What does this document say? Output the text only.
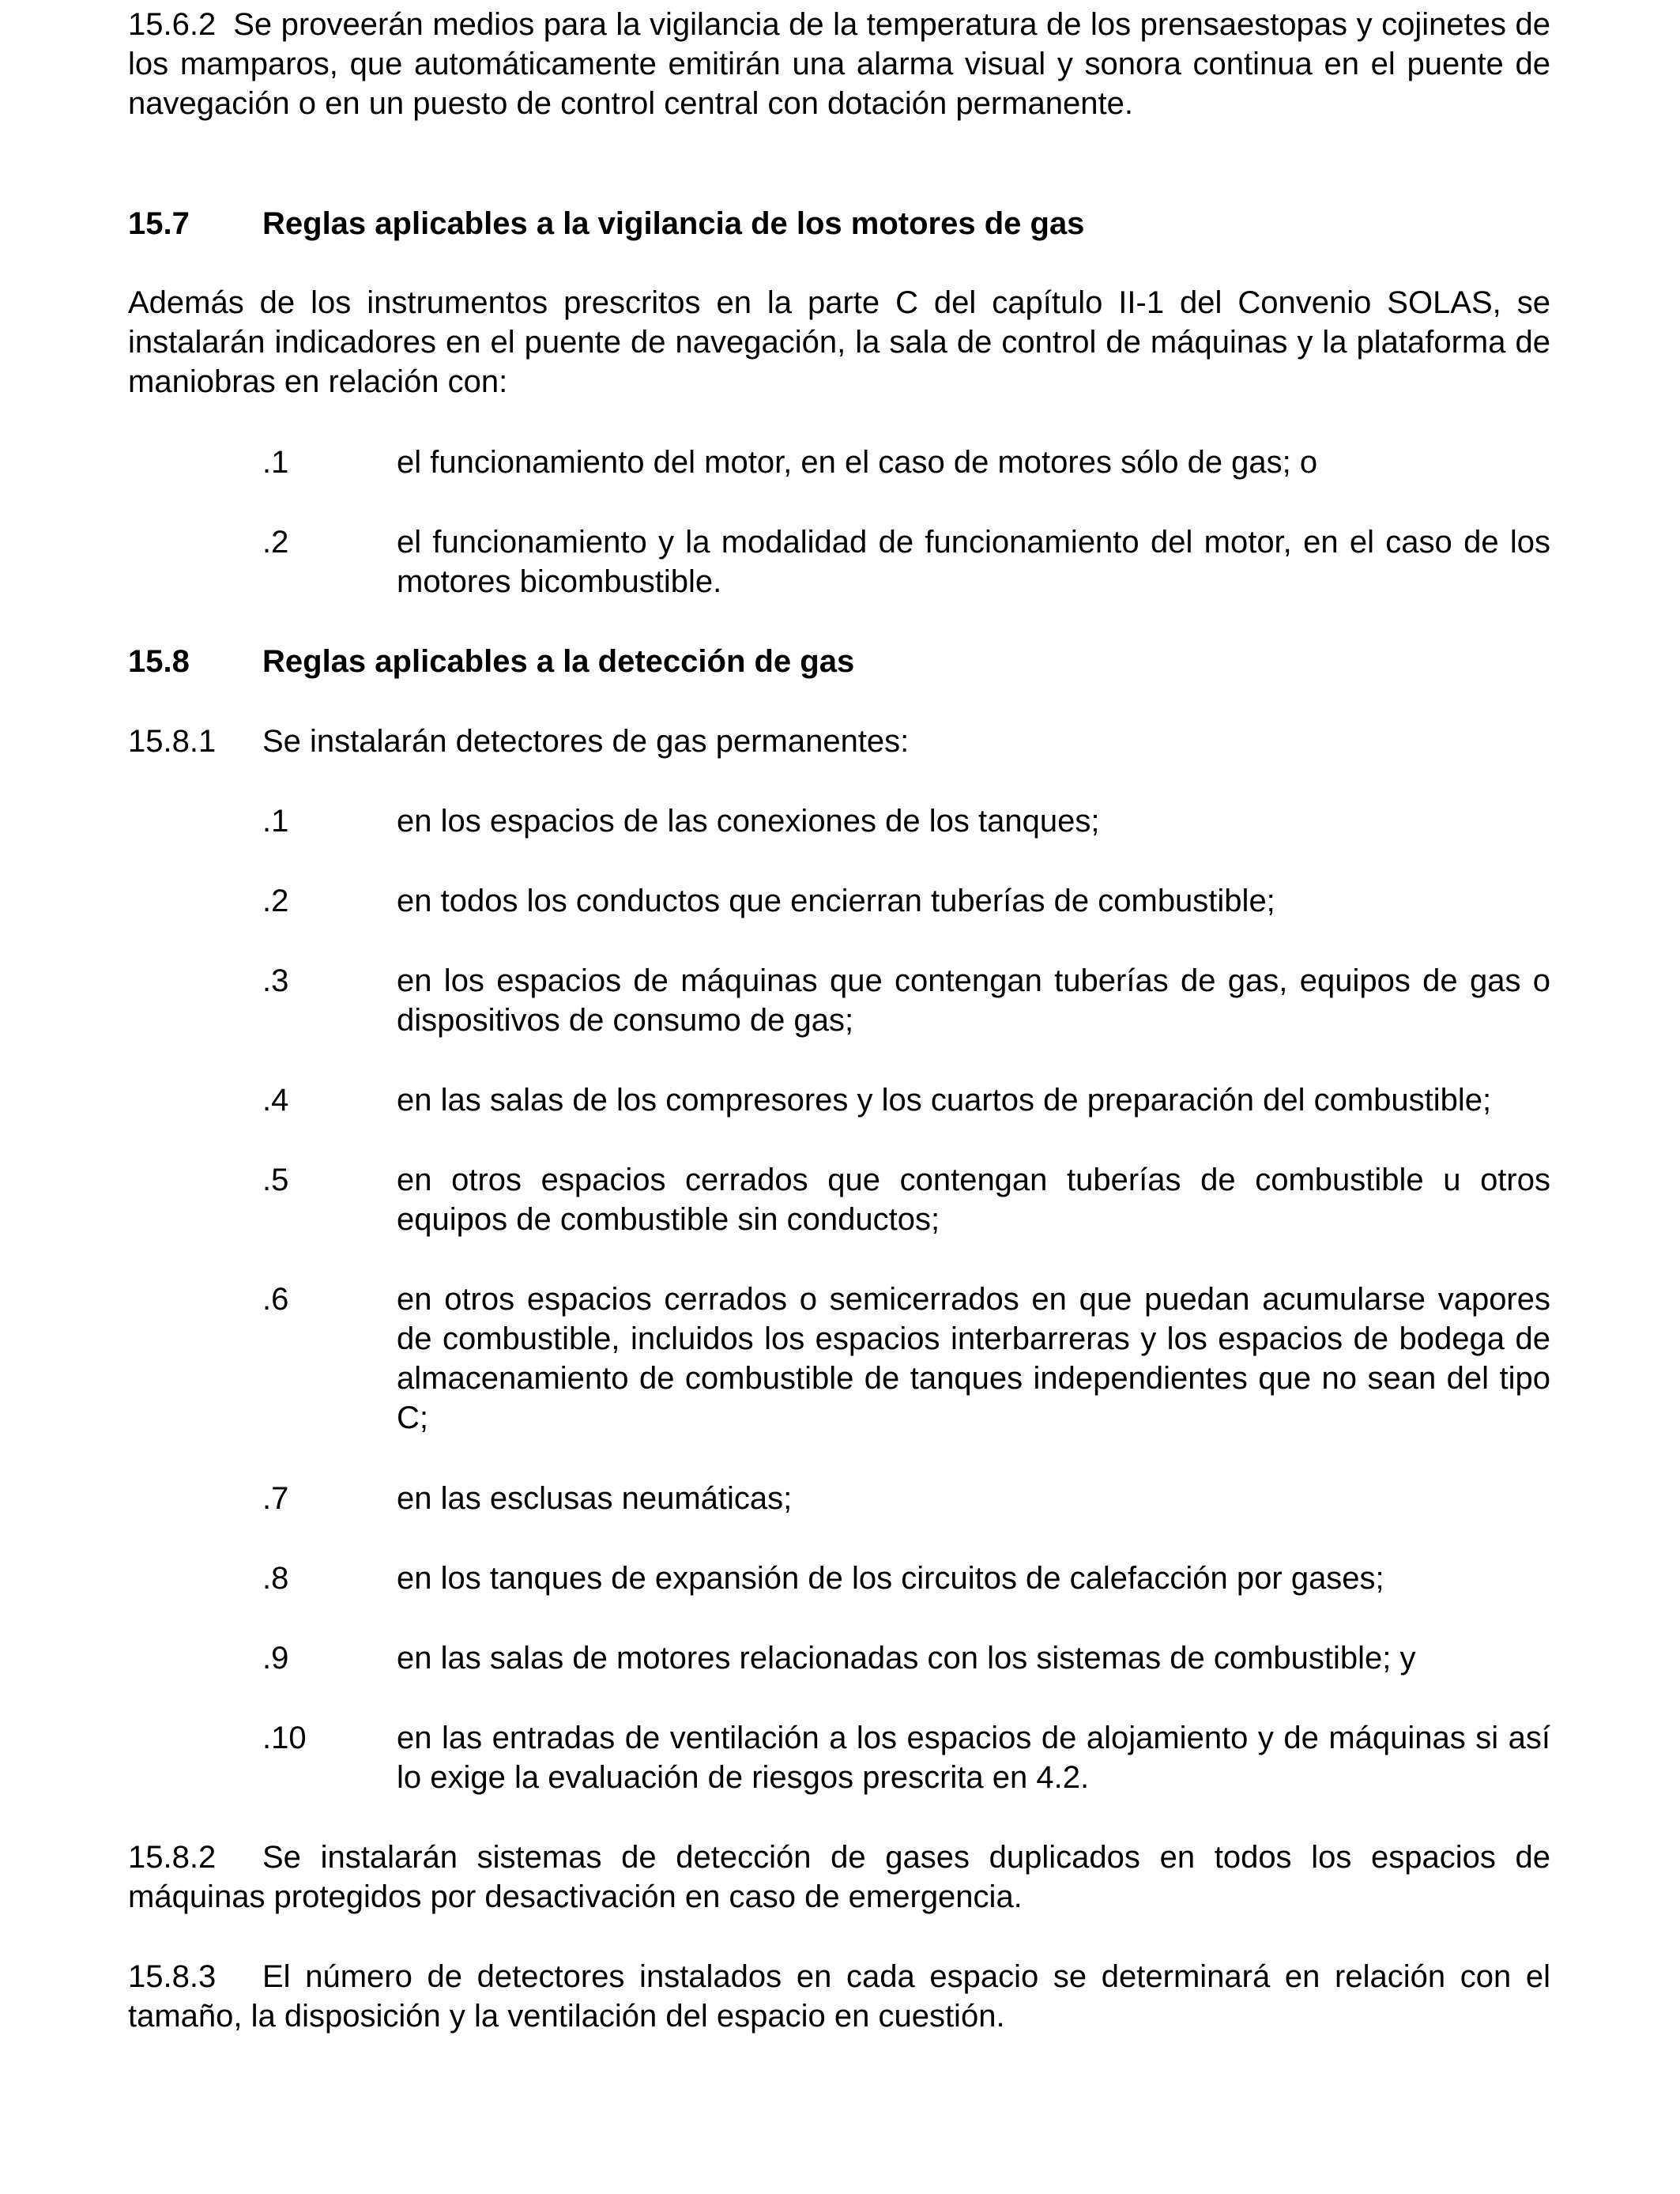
15.6.2 Se proveerán medios para la vigilancia de la temperatura de los prensaestopas y cojinetes de los mamparos, que automáticamente emitirán una alarma visual y sonora continua en el puente de navegación o en un puesto de control central con dotación permanente.

15.7 Reglas aplicables a la vigilancia de los motores de gas

Además de los instrumentos prescritos en la parte C del capítulo II-1 del Convenio SOLAS, se instalarán indicadores en el puente de navegación, la sala de control de máquinas y la plataforma de maniobras en relación con:

.1	el funcionamiento del motor, en el caso de motores sólo de gas; o
.2	el funcionamiento y la modalidad de funcionamiento del motor, en el caso de los motores bicombustible.

15.8 Reglas aplicables a la detección de gas

15.8.1 Se instalarán detectores de gas permanentes:

.1	en los espacios de las conexiones de los tanques;
.2	en todos los conductos que encierran tuberías de combustible;
.3	en los espacios de máquinas que contengan tuberías de gas, equipos de gas o dispositivos de consumo de gas;
.4	en las salas de los compresores y los cuartos de preparación del combustible;
.5	en otros espacios cerrados que contengan tuberías de combustible u otros equipos de combustible sin conductos;
.6	en otros espacios cerrados o semicerrados en que puedan acumularse vapores de combustible, incluidos los espacios interbarreras y los espacios de bodega de almacenamiento de combustible de tanques independientes que no sean del tipo C;
.7	en las esclusas neumáticas;
.8	en los tanques de expansión de los circuitos de calefacción por gases;
.9	en las salas de motores relacionadas con los sistemas de combustible; y
.10	en las entradas de ventilación a los espacios de alojamiento y de máquinas si así lo exige la evaluación de riesgos prescrita en 4.2.

15.8.2 Se instalarán sistemas de detección de gases duplicados en todos los espacios de máquinas protegidos por desactivación en caso de emergencia.

15.8.3 El número de detectores instalados en cada espacio se determinará en relación con el tamaño, la disposición y la ventilación del espacio en cuestión.
